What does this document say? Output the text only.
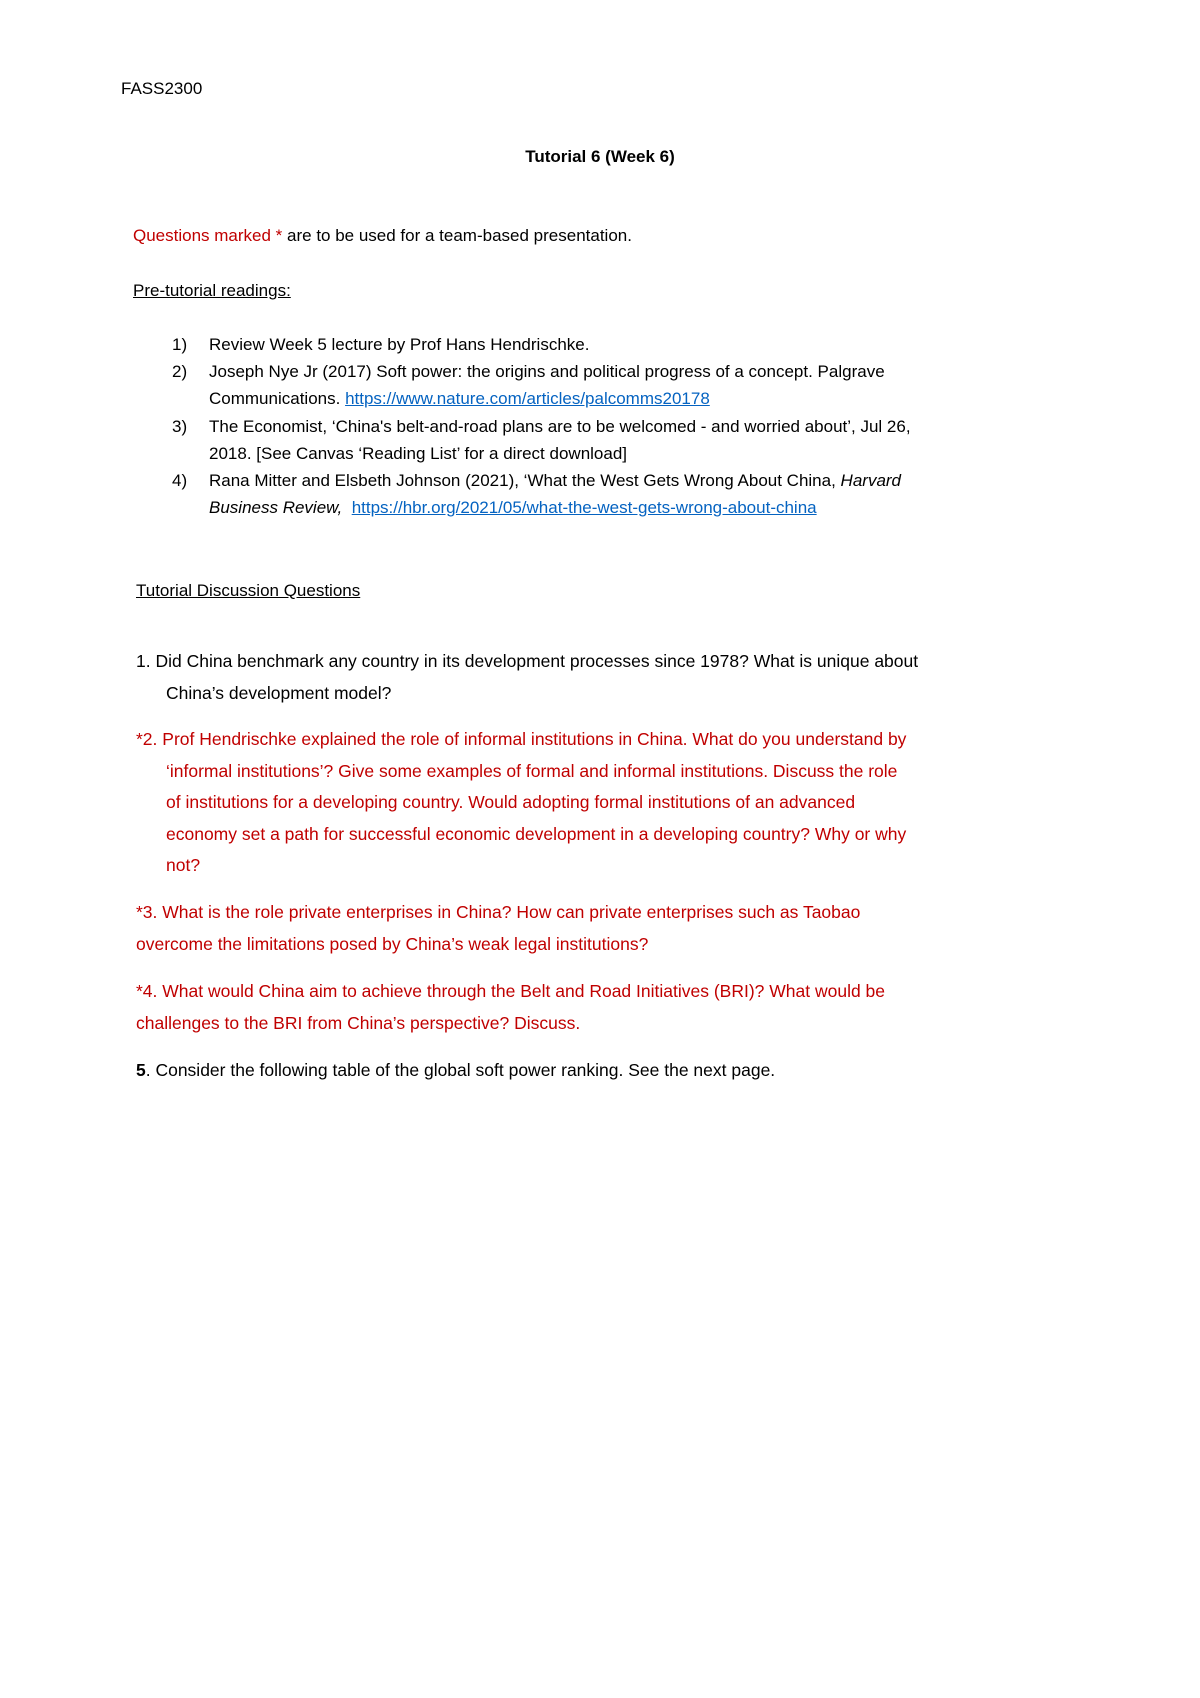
FASS2300
Tutorial 6 (Week 6)
Questions marked * are to be used for a team-based presentation.
Pre-tutorial readings:
1) Review Week 5 lecture by Prof Hans Hendrischke.
2) Joseph Nye Jr (2017) Soft power: the origins and political progress of a concept. Palgrave
Communications. https://www.nature.com/articles/palcomms20178
3) The Economist, ‘China's belt-and-road plans are to be welcomed - and worried about’, Jul 26,
2018. [See Canvas ‘Reading List’ for a direct download]
4) Rana Mitter and Elsbeth Johnson (2021), ‘What the West Gets Wrong About China, Harvard
Business Review, https://hbr.org/2021/05/what-the-west-gets-wrong-about-china
Tutorial Discussion Questions
1. Did China benchmark any country in its development processes since 1978? What is unique about
China’s development model?
*2. Prof Hendrischke explained the role of informal institutions in China. What do you understand by
‘informal institutions’? Give some examples of formal and informal institutions. Discuss the role
of institutions for a developing country. Would adopting formal institutions of an advanced
economy set a path for successful economic development in a developing country? Why or why
not?
*3. What is the role private enterprises in China? How can private enterprises such as Taobao
overcome the limitations posed by China’s weak legal institutions?
*4. What would China aim to achieve through the Belt and Road Initiatives (BRI)? What would be
challenges to the BRI from China’s perspective? Discuss.
5. Consider the following table of the global soft power ranking. See the next page.
